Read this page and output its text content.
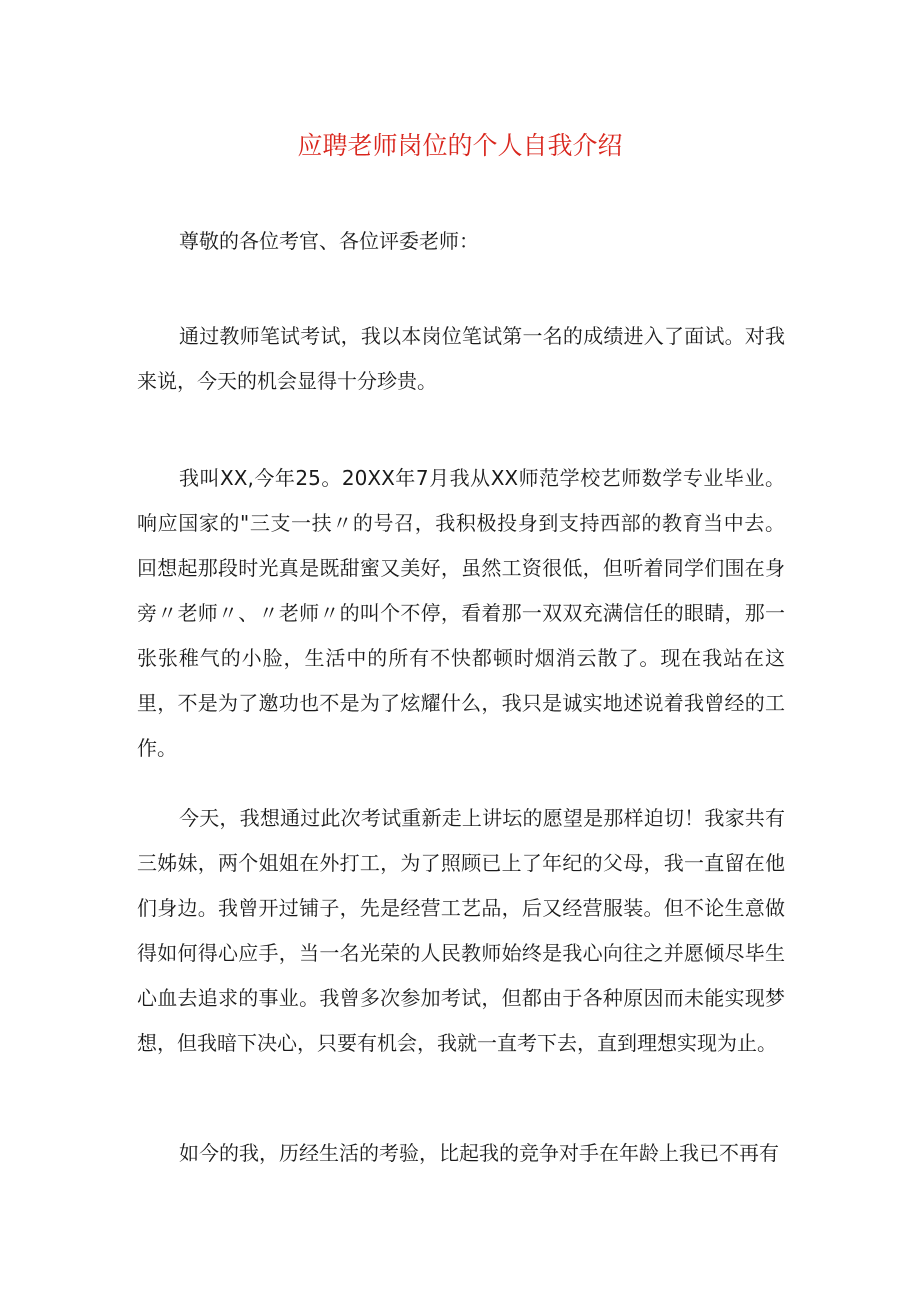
应聘老师岗位的个人自我介绍

尊敬的各位考官、各位评委老师：

通过教师笔试考试，我以本岗位笔试第一名的成绩进入了面试。对我来说，今天的机会显得十分珍贵。

我叫XX,今年25。20XX年7月我从XX师范学校艺师数学专业毕业。响应国家的"三支一扶〃的号召，我积极投身到支持西部的教育当中去。回想起那段时光真是既甜蜜又美好，虽然工资很低，但听着同学们围在身旁〃老师〃、〃老师〃的叫个不停，看着那一双双充满信任的眼睛，那一张张稚气的小脸，生活中的所有不快都顿时烟消云散了。现在我站在这里，不是为了邀功也不是为了炫耀什么，我只是诚实地述说着我曾经的工作。

今天，我想通过此次考试重新走上讲坛的愿望是那样迫切！我家共有三姊妹，两个姐姐在外打工，为了照顾已上了年纪的父母，我一直留在他们身边。我曾开过铺子，先是经营工艺品，后又经营服装。但不论生意做得如何得心应手，当一名光荣的人民教师始终是我心向往之并愿倾尽毕生心血去追求的事业。我曾多次参加考试，但都由于各种原因而未能实现梦想，但我暗下决心，只要有机会，我就一直考下去，直到理想实现为止。

如今的我，历经生活的考验，比起我的竞争对手在年龄上我已不再有
